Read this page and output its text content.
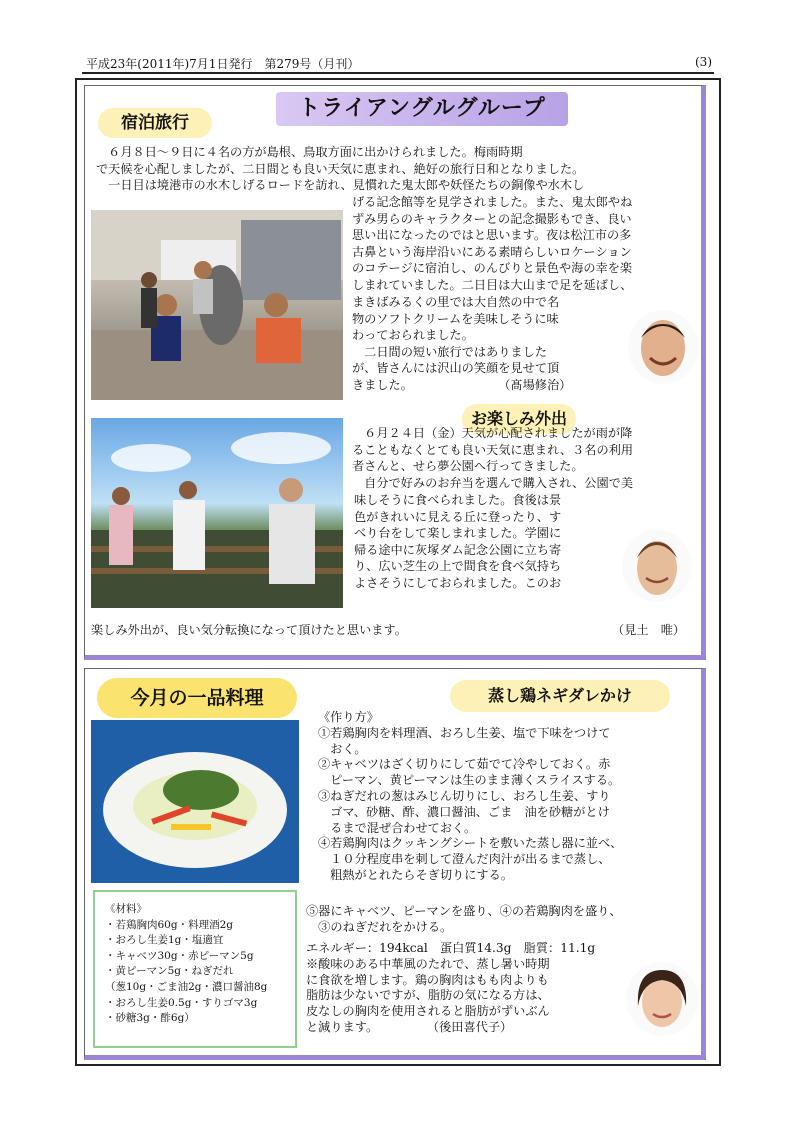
平成23年(2011年)7月1日発行　第279号（月刊）	(3)
トライアングルグループ
宿泊旅行

　６月８日～９日に４名の方が島根、鳥取方面に出かけられました。梅雨時期

で天候を心配しましたが、二日間とも良い天気に恵まれ、絶好の旅行日和となりました。

　一日目は境港市の水木しげるロードを訪れ、見慣れた鬼太郎や妖怪たちの銅像や水木し

げる記念館等を見学されました。また、鬼太郎やね

ずみ男らのキャラクターとの記念撮影もでき、良い

思い出になったのではと思います。夜は松江市の多

古鼻という海岸沿いにある素晴らしいロケーション

のコテージに宿泊し、のんびりと景色や海の幸を楽

しまれていました。二日目は大山まで足を延ばし、

まきばみるくの里では大自然の中で名

物のソフトクリームを美味しそうに味

わっておられました。

　二日間の短い旅行ではありました

が、皆さんには沢山の笑顔を見せて頂

きました。　　　　　　　　（髙場修治）

お楽しみ外出

　６月２４日（金）天気が心配されましたが雨が降

ることもなくとても良い天気に恵まれ、３名の利用

者さんと、せら夢公園へ行ってきました。

　自分で好みのお弁当を選んで購入され、公園で美

味しそうに食べられました。食後は景

色がきれいに見える丘に登ったり、す

べり台をして楽しまれました。学園に

帰る途中に灰塚ダム記念公園に立ち寄

り、広い芝生の上で間食を食べ気持ち

よさそうにしておられました。このお

楽しみ外出が、良い気分転換になって頂けたと思います。	（見土　唯）
今月の一品料理	蒸し鶏ネギダレかけ
《作り方》
①若鶏胸肉を料理酒、おろし生姜、塩で下味をつけて
　おく。
②キャベツはざく切りにして茹でて冷やしておく。赤
　ピーマン、黄ピーマンは生のまま薄くスライスする。
③ねぎだれの葱はみじん切りにし、おろし生姜、すり
　ゴマ、砂糖、酢、濃口醤油、ごま　油を砂糖がとけ
　るまで混ぜ合わせておく。
④若鶏胸肉はクッキングシートを敷いた蒸し器に並べ、
　１０分程度串を刺して澄んだ肉汁が出るまで蒸し、
　粗熱がとれたらそぎ切りにする。
⑤器にキャベツ、ピーマンを盛り、④の若鶏胸肉を盛り、
　③のねぎだれをかける。
《材料》
・若鶏胸肉60g・料理酒2g
・おろし生姜1g・塩適宜
・キャベツ30g・赤ピーマン5g
・黄ピーマン5g・ねぎだれ
（葱10g・ごま油2g・濃口醤油8g
・おろし生姜0.5g・すりゴマ3g
・砂糖3g・酢6g）
エネルギー：194kcal　蛋白質14.3g　脂質：11.1g
※酸味のある中華風のたれで、蒸し暑い時期
に食欲を増します。鶏の胸肉はもも肉よりも
脂肪は少ないですが、脂肪の気になる方は、
皮なしの胸肉を使用されると脂肪がずいぶん
と減ります。　　　　　（後田喜代子）
